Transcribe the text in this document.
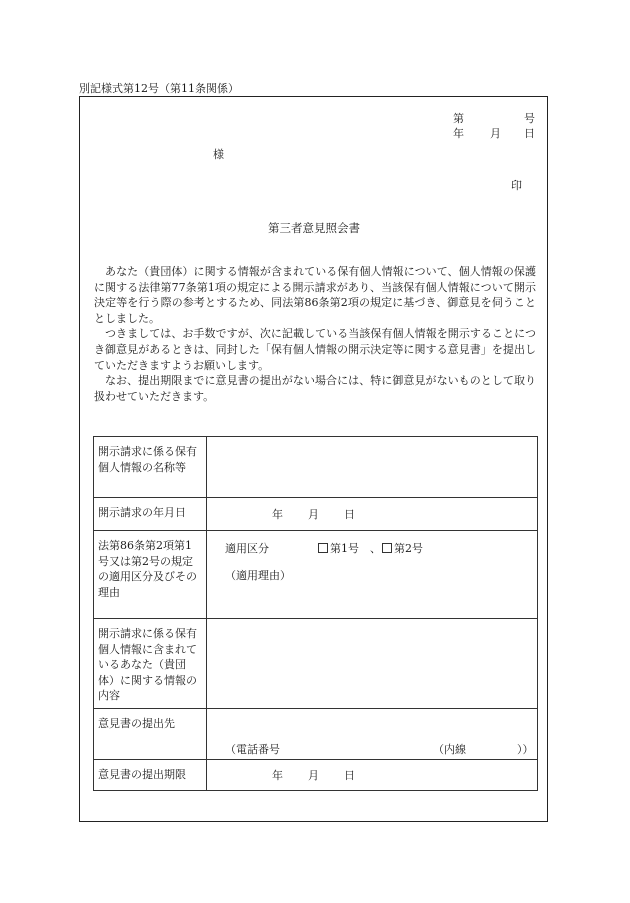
別記様式第12号（第11条関係）
第	号
年 月 日
様
印
第三者意見照会書

あなた（貴団体）に関する情報が含まれている保有個人情報について、個人情報の保護に関する法律第77条第1項の規定による開示請求があり、当該保有個人情報について開示決定等を行う際の参考とするため、同法第86条第2項の規定に基づき、御意見を伺うこととしました。

つきましては、お手数ですが、次に記載している当該保有個人情報を開示することにつき御意見があるときは、同封した「保有個人情報の開示決定等に関する意見書」を提出していただきますようお願いします。

なお、提出期限までに意見書の提出がない場合には、特に御意見がないものとして取り扱わせていただきます。

開示請求に係る保有個人情報の名称等	
開示請求の年月日	年 月 日

法第86条第2項第1号又は第2号の規定の適用区分及びその理由	適用区分 第1号 、 第2号
（適用理由）

開示請求に係る保有個人情報に含まれているあなた（貴団体）に関する情報の内容	
意見書の提出先	（電話番号 （内線 ））

意見書の提出期限	年 月 日
